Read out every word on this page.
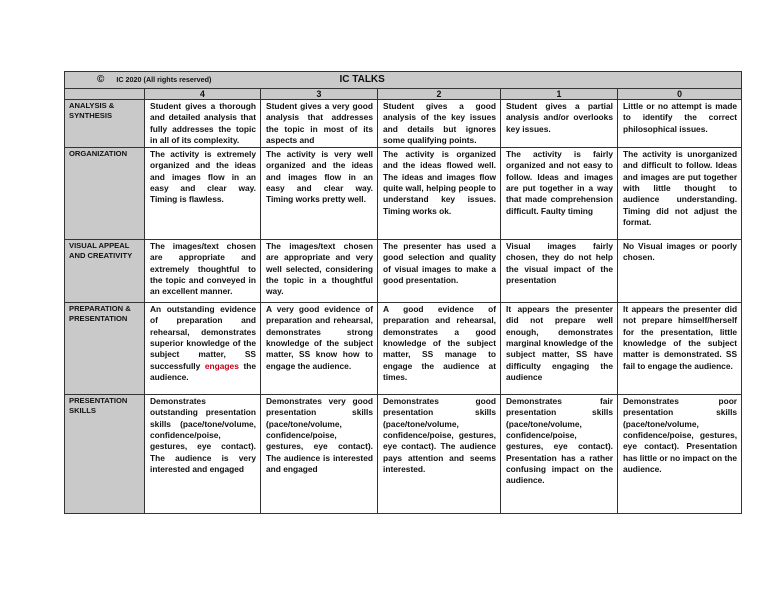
© IC 2020 (All rights reserved) IC TALKS					

	4	3	2	1	0
ANALYSIS & SYNTHESIS	Student gives a thorough and detailed analysis that fully addresses the topic in all of its complexity.	Student gives a very good analysis that addresses the topic in most of its aspects and	Student gives a good analysis of the key issues and details but ignores some qualifying points.	Student gives a partial analysis and/or overlooks key issues.	Little or no attempt is made to identify the correct philosophical issues.
ORGANIZATION	The activity is extremely organized and the ideas and images flow in an easy and clear way. Timing is flawless.	The activity is very well organized and the ideas and images flow in an easy and clear way. Timing works pretty well.	The activity is organized and the ideas flowed well. The ideas and images flow quite wall, helping people to understand key issues. Timing works ok.	The activity is fairly organized and not easy to follow. Ideas and images are put together in a way that made comprehension difficult. Faulty timing	The activity is unorganized and difficult to follow. Ideas and images are put together with little thought to audience understanding. Timing did not adjust the format.
VISUAL APPEAL AND CREATIVITY	The images/text chosen are appropriate and extremely thoughtful to the topic and conveyed in an excellent manner.	The images/text chosen are appropriate and very well selected, considering the topic in a thoughtful way.	The presenter has used a good selection and quality of visual images to make a good presentation.	Visual images fairly chosen, they do not help the visual impact of the presentation	No Visual images or poorly chosen.
PREPARATION & PRESENTATION	An outstanding evidence of preparation and rehearsal, demonstrates superior knowledge of the subject matter, SS successfully engages the audience.	A very good evidence of preparation and rehearsal, demonstrates strong knowledge of the subject matter, SS know how to engage the audience.	A good evidence of preparation and rehearsal, demonstrates a good knowledge of the subject matter, SS manage to engage the audience at times.	It appears the presenter did not prepare well enough, demonstrates marginal knowledge of the subject matter, SS have difficulty engaging the audience	It appears the presenter did not prepare himself/herself for the presentation, little knowledge of the subject matter is demonstrated. SS fail to engage the audience.
PRESENTATION SKILLS	Demonstrates outstanding presentation skills (pace/tone/volume, confidence/poise, gestures, eye contact). The audience is very interested and engaged	Demonstrates very good presentation skills (pace/tone/volume, confidence/poise, gestures, eye contact). The audience is interested and engaged	Demonstrates good presentation skills (pace/tone/volume, confidence/poise, gestures, eye contact). The audience pays attention and seems interested.	Demonstrates fair presentation skills (pace/tone/volume, confidence/poise, gestures, eye contact). Presentation has a rather confusing impact on the audience.	Demonstrates poor presentation skills (pace/tone/volume, confidence/poise, gestures, eye contact). Presentation has little or no impact on the audience.
